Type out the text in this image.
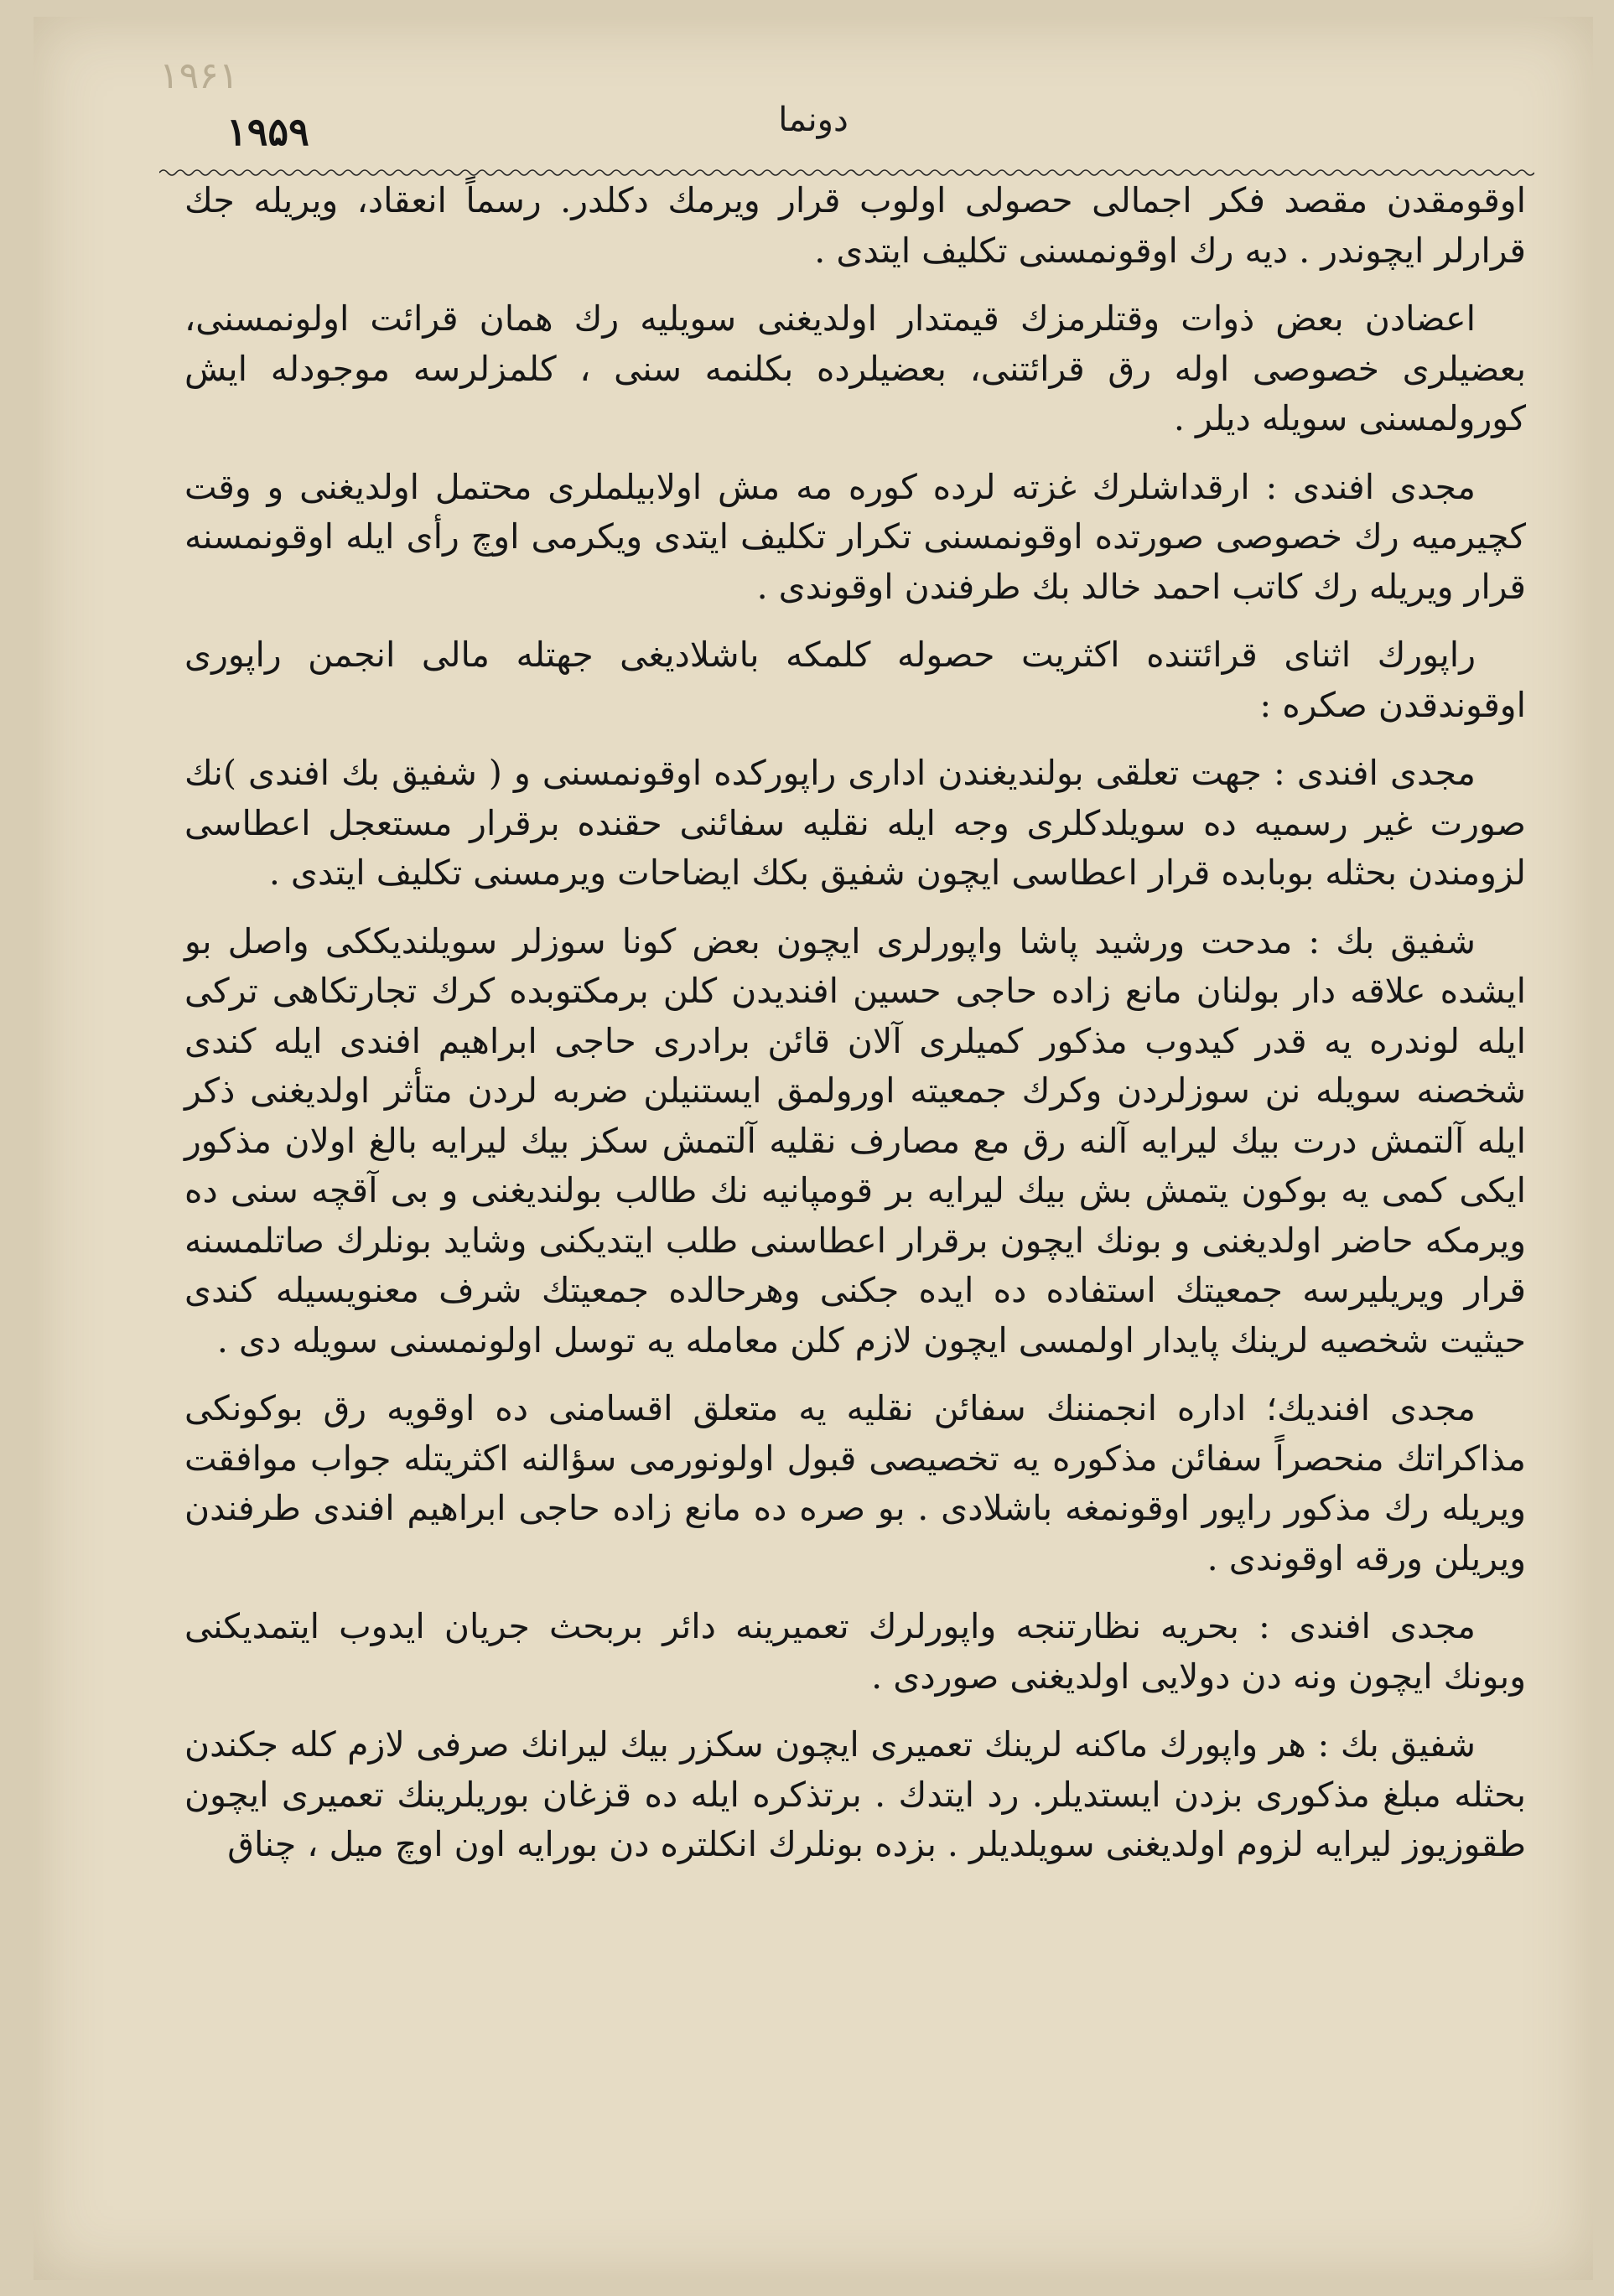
۱۹۶۱
۱۹۵۹	دونما

اوقومقدن مقصد فكر اجمالى حصولى اولوب قرار ويرمك دكلدر. رسماً انعقاد، ويريله جك قرارلر ايچوندر . ديه رك اوقونمسنى تكليف ايتدى .

اعضادن بعض ذوات وقتلرمزك قيمتدار اولديغنى سويليه رك همان قرائت اولونمسنى، بعضيلرى خصوصى اوله رق قرائتنى، بعضيلرده بكلنمه سنى ، كلمزلرسه موجودله ايش كورولمسنى سويله ديلر .

مجدى افندى : ارقداشلرك غزته لرده كوره مه مش اولابيلملرى محتمل اولديغنى و وقت كچيرميه رك خصوصى صورتده اوقونمسنى تكرار تكليف ايتدى ويكرمى اوچ رأى ايله اوقونمسنه قرار ويريله رك كاتب احمد خالد بك طرفندن اوقوندى .

راپورك اثناى قرائتنده اكثريت حصوله كلمكه باشلاديغى جهتله مالى انجمن راپورى اوقوندقدن صكره :

مجدى افندى : جهت تعلقى بولنديغندن ادارى راپوركده اوقونمسنى و ( شفيق بك افندى )نك صورت غير رسميه ده سويلدكلرى وجه ايله نقليه سفائنى حقنده برقرار مستعجل اعطاسى لزومندن بحثله بوبابده قرار اعطاسى ايچون شفيق بكك ايضاحات ويرمسنى تكليف ايتدى .

شفيق بك : مدحت ورشيد پاشا واپورلرى ايچون بعض كونا سوزلر سويلنديككى واصل بو ايشده علاقه دار بولنان مانع زاده حاجى حسين افنديدن كلن برمكتوبده كرك تجارتكاهى تركى ايله لوندره يه قدر كيدوب مذكور كميلرى آلان قائن برادرى حاجى ابراهيم افندى ايله كندى شخصنه سويله نن سوزلردن وكرك جمعيته اورولمق ايستنيلن ضربه لردن متأثر اولديغنى ذكر ايله آلتمش درت بيك ليرايه آلنه رق مع مصارف نقليه آلتمش سكز بيك ليرايه بالغ اولان مذكور ايكى كمى يه بوكون يتمش بش بيك ليرايه بر قومپانيه نك طالب بولنديغنى و بى آقچه سنى ده ويرمكه حاضر اولديغنى و بونك ايچون برقرار اعطاسنى طلب ايتديكنى وشايد بونلرك صاتلمسنه قرار ويريليرسه جمعيتك استفاده ده ايده جكنى وهرحالده جمعيتك شرف معنويسيله كندى حيثيت شخصيه لرينك پايدار اولمسى ايچون لازم كلن معامله يه توسل اولونمسنى سويله دى .

مجدى افنديك؛ اداره انجمننك سفائن نقليه يه متعلق اقسامنى ده اوقويه رق بوكونكى مذاكراتك منحصراً سفائن مذكوره يه تخصيصى قبول اولونورمى سؤالنه اكثريتله جواب موافقت ويريله رك مذكور راپور اوقونمغه باشلادى . بو صره ده مانع زاده حاجى ابراهيم افندى طرفندن ويريلن ورقه اوقوندى .

مجدى افندى : بحريه نظارتنجه واپورلرك تعميرينه دائر بربحث جريان ايدوب ايتمديكنى وبونك ايچون ونه دن دولايى اولديغنى صوردى .

شفيق بك : هر واپورك ماكنه لرينك تعميرى ايچون سكزر بيك ليرانك صرفى لازم كله جكندن بحثله مبلغ مذكورى بزدن ايستديلر. رد ايتدك . برتذكره ايله ده قزغان بوريلرينك تعميرى ايچون طقوزيوز ليرايه لزوم اولديغنى سويلديلر . بزده بونلرك انكلتره دن بورايه اون اوچ ميل ، چناق
